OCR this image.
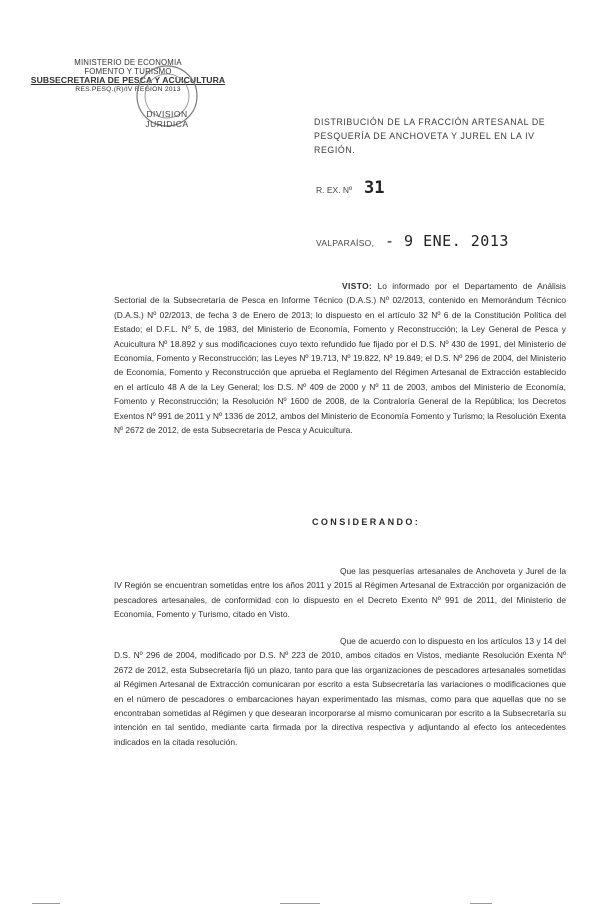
MINISTERIO DE ECONOMIA
FOMENTO Y TURISMO
SUBSECRETARIA DE PESCA Y ACUICULTURA
RES.PESQ.(R)/IV REGION 2013
DIVISION
JURIDICA	DISTRIBUCIÓN DE LA FRACCIÓN ARTESANAL DE PESQUERÍA DE ANCHOVETA Y JUREL EN LA IV REGIÓN.
R. EX. Nº 31
VALPARAÍSO, - 9 ENE. 2013
VISTO: Lo informado por el Departamento de Análisis Sectorial de la Subsecretaría de Pesca en Informe Técnico (D.A.S.) Nº 02/2013, contenido en Memorándum Técnico (D.A.S.) Nº 02/2013, de fecha 3 de Enero de 2013; lo dispuesto en el artículo 32 Nº 6 de la Constitución Política del Estado; el D.F.L. Nº 5, de 1983, del Ministerio de Economía, Fomento y Reconstrucción; la Ley General de Pesca y Acuicultura Nº 18.892 y sus modificaciones cuyo texto refundido fue fijado por el D.S. Nº 430 de 1991, del Ministerio de Economía, Fomento y Reconstrucción; las Leyes Nº 19.713, Nº 19.822, Nº 19.849; el D.S. Nº 296 de 2004, del Ministerio de Economía, Fomento y Reconstrucción que aprueba el Reglamento del Régimen Artesanal de Extracción establecido en el artículo 48 A de la Ley General; los D.S. Nº 409 de 2000 y Nº 11 de 2003, ambos del Ministerio de Economía, Fomento y Reconstrucción; la Resolución Nº 1600 de 2008, de la Contraloría General de la República; los Decretos Exentos Nº 991 de 2011 y Nº 1336 de 2012, ambos del Ministerio de Economía Fomento y Turismo; la Resolución Exenta Nº 2672 de 2012, de esta Subsecretaría de Pesca y Acuicultura.
CONSIDERANDO:
Que las pesquerías artesanales de Anchoveta y Jurel de la IV Región se encuentran sometidas entre los años 2011 y 2015 al Régimen Artesanal de Extracción por organización de pescadores artesanales, de conformidad con lo dispuesto en el Decreto Exento Nº 991 de 2011, del Ministerio de Economía, Fomento y Turismo, citado en Visto.
Que de acuerdo con lo dispuesto en los artículos 13 y 14 del D.S. Nº 296 de 2004, modificado por D.S. Nº 223 de 2010, ambos citados en Vistos, mediante Resolución Exenta Nº 2672 de 2012, esta Subsecretaría fijó un plazo, tanto para que las organizaciones de pescadores artesanales sometidas al Régimen Artesanal de Extracción comunicaran por escrito a esta Subsecretaría las variaciones o modificaciones que en el número de pescadores o embarcaciones hayan experimentado las mismas, como para que aquellas que no se encontraban sometidas al Régimen y que desearan incorporarse al mismo comunicaran por escrito a la Subsecretaría su intención en tal sentido, mediante carta firmada por la directiva respectiva y adjuntando al efecto los antecedentes indicados en la citada resolución.
